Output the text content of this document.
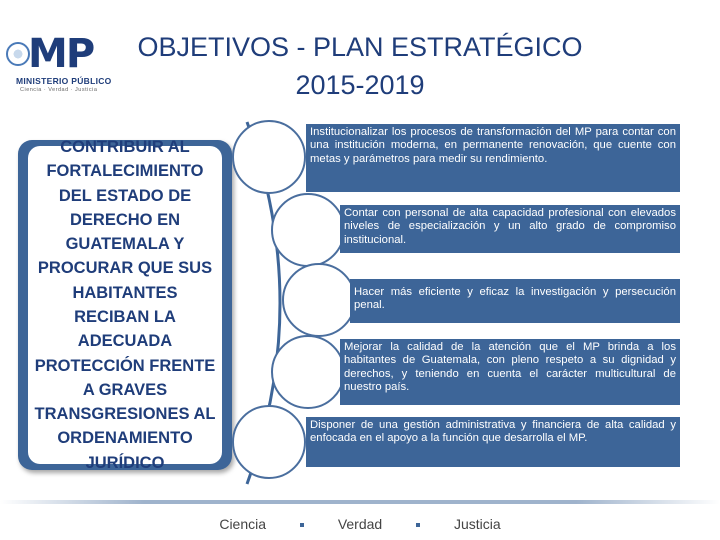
MP
MINISTERIO PÚBLICO
Ciencia · Verdad · Justicia
OBJETIVOS - PLAN ESTRATÉGICO
2015-2019
CONTRIBUIR AL FORTALECIMIENTO DEL ESTADO DE DERECHO EN GUATEMALA Y PROCURAR QUE SUS HABITANTES RECIBAN LA ADECUADA PROTECCIÓN FRENTE A GRAVES TRANSGRESIONES AL ORDENAMIENTO JURÍDICO
Institucionalizar los procesos de transformación del MP para contar con una institución moderna, en permanente renovación, que cuente con metas y parámetros para medir su rendimiento.
Contar con personal de alta capacidad profesional con elevados niveles de especialización y un alto grado de compromiso institucional.
Hacer más eficiente y eficaz la investigación y persecución penal.
Mejorar la calidad de la atención que el MP brinda a los habitantes de Guatemala, con pleno respeto a su dignidad y derechos, y teniendo en cuenta el carácter multicultural de nuestro país.
Disponer de una gestión administrativa y financiera de alta calidad y enfocada en el apoyo a la función que desarrolla el MP.
Ciencia	Verdad	Justicia
